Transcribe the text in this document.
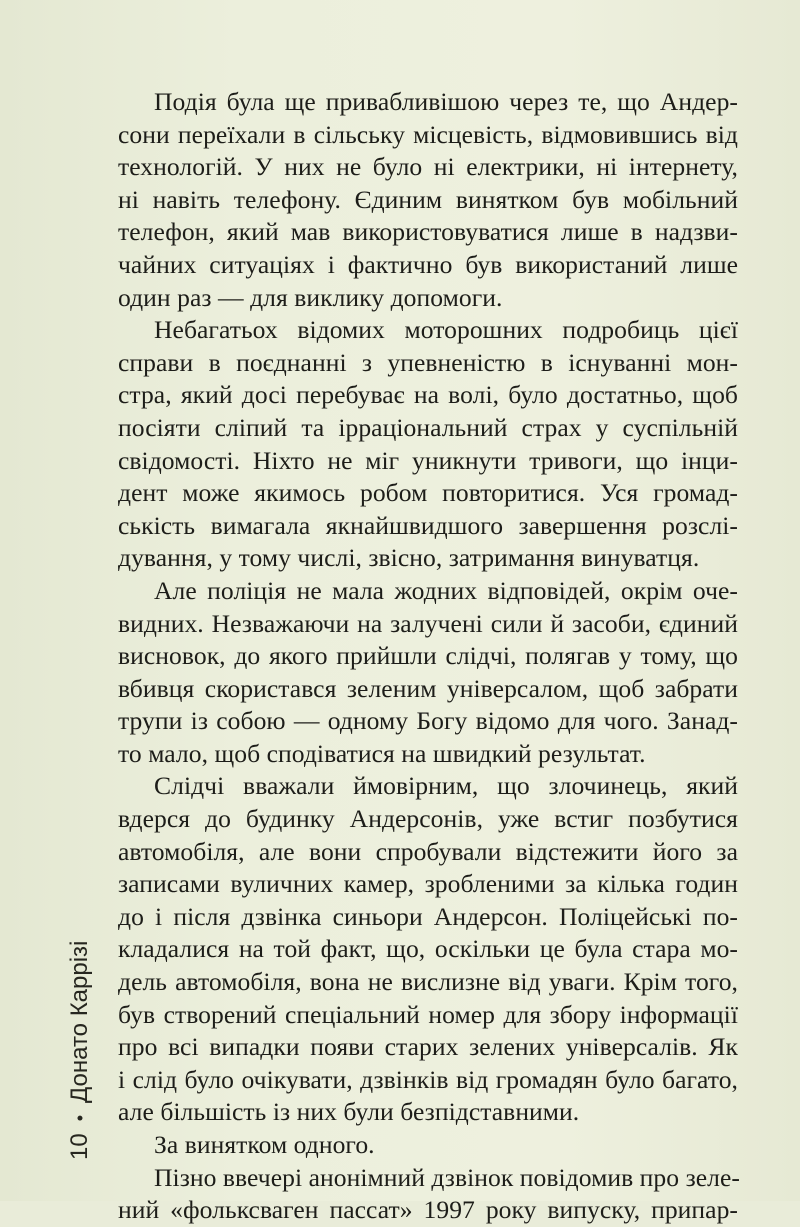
Подія була ще привабливішою через те, що Андер-
сони переїхали в сільську місцевість, відмовившись від
технологій. У них не було ні електрики, ні інтернету,
ні навіть телефону. Єдиним винятком був мобільний
телефон, який мав використовуватися лише в надзви-
чайних ситуаціях і фактично був використаний лише
один раз — для виклику допомоги.
Небагатьох відомих моторошних подробиць цієї
справи в поєднанні з упевненістю в існуванні мон-
стра, який досі перебуває на волі, було достатньо, щоб
посіяти сліпий та ірраціональний страх у суспільній
свідомості. Ніхто не міг уникнути тривоги, що інци-
дент може якимось робом повторитися. Уся громад-
ськість вимагала якнайшвидшого завершення розслі-
дування, у тому числі, звісно, затримання винуватця.
Але поліція не мала жодних відповідей, окрім оче-
видних. Незважаючи на залучені сили й засоби, єдиний
висновок, до якого прийшли слідчі, полягав у тому, що
вбивця скористався зеленим універсалом, щоб забрати
трупи із собою — одному Богу відомо для чого. Занад-
то мало, щоб сподіватися на швидкий результат.
Слідчі вважали ймовірним, що злочинець, який
вдерся до будинку Андерсонів, уже встиг позбутися
автомобіля, але вони спробували відстежити його за
записами вуличних камер, зробленими за кілька годин
до і після дзвінка синьори Андерсон. Поліцейські по-
кладалися на той факт, що, оскільки це була стара мо-
дель автомобіля, вона не вислизне від уваги. Крім того,
був створений спеціальний номер для збору інформації
про всі випадки появи старих зелених універсалів. Як
і слід було очікувати, дзвінків від громадян було багато,
але більшість із них були безпідставними.
За винятком одного.
Пізно ввечері анонімний дзвінок повідомив про зеле-
ний «фольксваген пассат» 1997 року випуску, припар-
10
•
Донато Каррізі
